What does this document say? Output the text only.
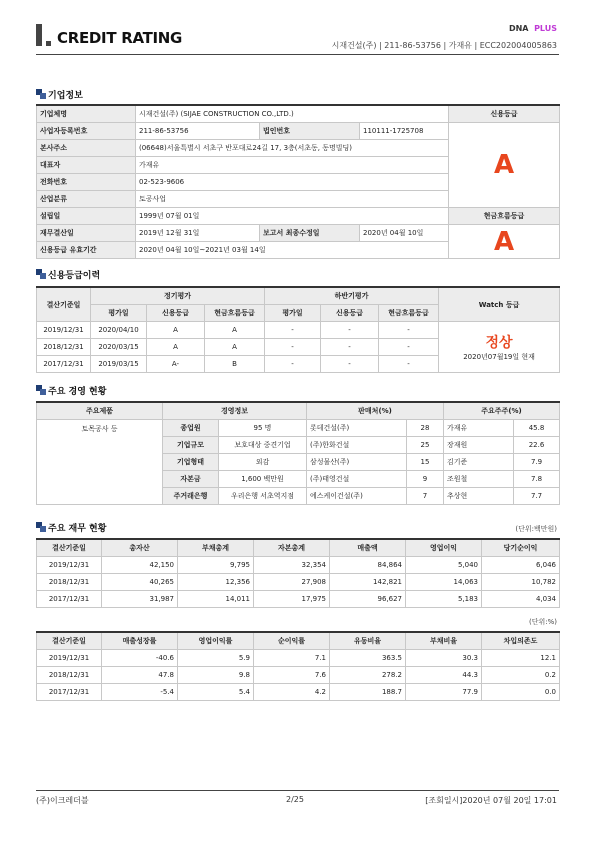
CREDIT RATING
DNA PLUS
시재건설(주) | 211-86-53756 | 가재유 | ECC202004005863
기업정보
기업체명	시재건설(주) (SIJAE CONSTRUCTION CO.,LTD.)			신용등급
사업자등록번호	211-86-53756	법인번호	110111-1725708	A
본사주소	(06648)서울특별시 서초구 반포대로24길 17, 3층(서초동, 동명빌딩)			
대표자	가재유			
전화번호	02-523-9606			
산업분류	토공사업			
설립일	1999년 07월 01일			현금흐름등급
재무결산일	2019년 12월 31일	보고서 최종수정일	2020년 04월 10일	A
신용등급 유효기간	2020년 04월 10일~2021년 03월 14일			
신용등급이력
결산기준일	정기평가			하반기평가			Watch 등급
	평가일	신용등급	현금흐름등급	평가일	신용등급	현금흐름등급	
2019/12/31	2020/04/10	A	A	-	-	-	정상
2020년07월19일 현재

2018/12/31	2020/03/15	A	A	-	-	-	
2017/12/31	2019/03/15	A-	B	-	-	-	
주요 경영 현황
주요제품	경영정보		판매처(%)		주요주주(%)	
토목공사 등	종업원	95 명	롯데건설(주)	28	가재유	45.8
	기업규모	보호대상 중견기업	(주)한화건설	25	장재원	22.6
	기업형태	외감	삼성물산(주)	15	김기준	7.9
	자본금	1,600 백만원	(주)태영건설	9	조원철	7.8
	주거래은행	우리은행 서초역지점	에스케이건설(주)	7	추상현	7.7
주요 재무 현황	(단위:백만원)
결산기준일	총자산	부채총계	자본총계	매출액	영업이익	당기순이익
2019/12/31	42,150	9,795	32,354	84,864	5,040	6,046
2018/12/31	40,265	12,356	27,908	142,821	14,063	10,782
2017/12/31	31,987	14,011	17,975	96,627	5,183	4,034
(단위:%)
결산기준일	매출성장률	영업이익률	순이익률	유동비율	부채비율	차입의존도
2019/12/31	-40.6	5.9	7.1	363.5	30.3	12.1
2018/12/31	47.8	9.8	7.6	278.2	44.3	0.2
2017/12/31	-5.4	5.4	4.2	188.7	77.9	0.0
(주)이크레더블	2/25	[조회일시]2020년 07월 20일 17:01
